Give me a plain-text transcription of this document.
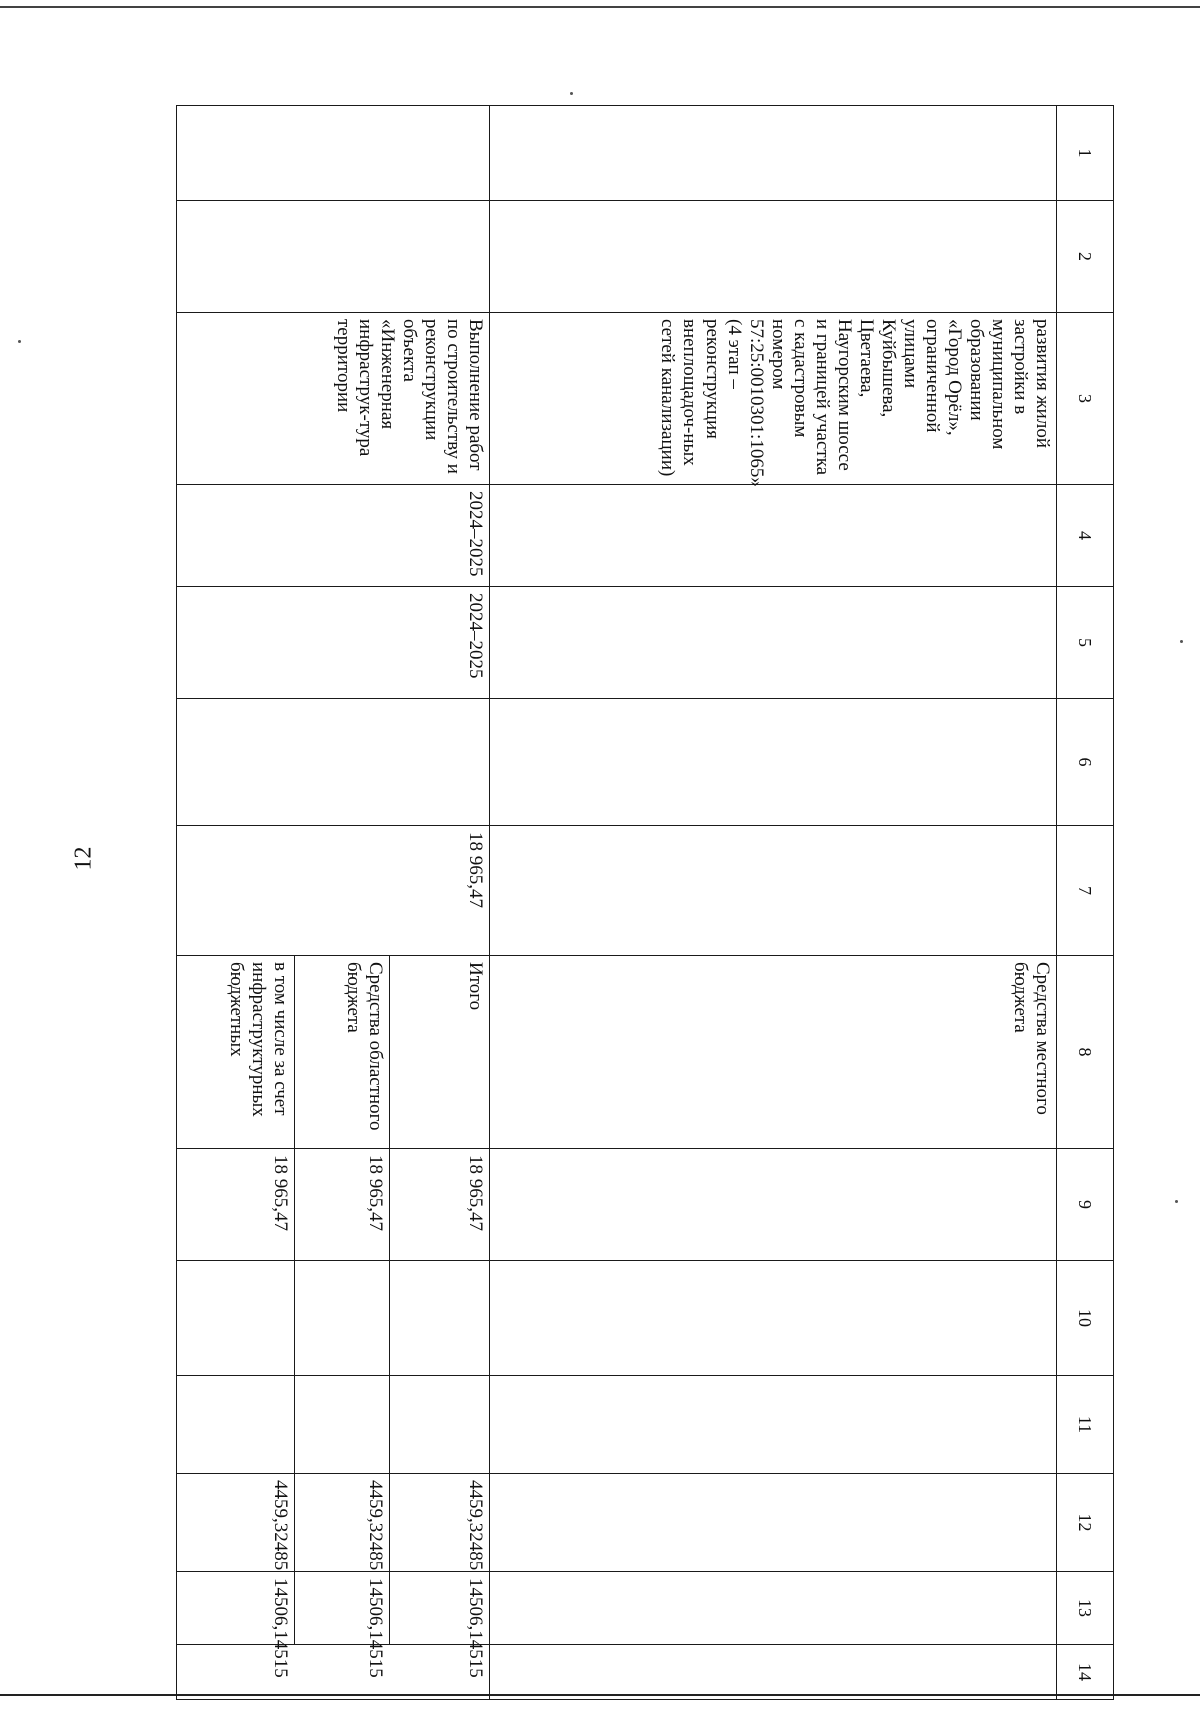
12
1	2	3	4	5	6	7	8	9	10	11	12	13	14
		развития жилой застройки в муниципальном образовании «Город Орёл», ограниченной улицами Куйбышева, Цветаева, Наугорским шоссе и границей участка с кадастровым номером 57:25:0010301:1065» (4 этап – реконструкция внеплощадоч-ных сетей канализации)					Средства местного бюджета						
		Выполнение работ по строительству и реконструкции объекта «Инженерная инфраструк-тура территории	2024–2025	2024–2025		18 965,47	Итого	18 965,47			4459,32485	14506,14515	
							Средства областного бюджета	18 965,47			4459,32485	14506,14515	
							в том числе за счет инфраструктурных бюджетных	18 965,47			4459,32485	14506,14515	
